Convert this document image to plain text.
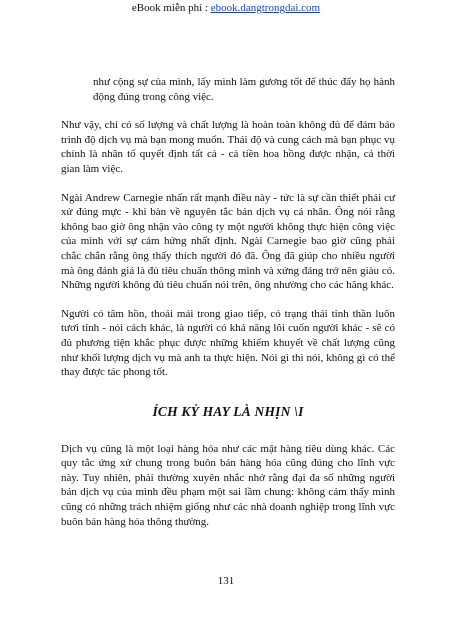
eBook miễn phí : ebook.dangtrongdai.com

như cộng sự của mình, lấy mình làm gương tốt để thúc đẩy họ hành động đúng trong công việc.

Như vậy, chỉ có số lượng và chất lượng là hoàn toàn không đủ để đảm bảo trình độ dịch vụ mà bạn mong muốn. Thái độ và cung cách mà bạn phục vụ chính là nhân tố quyết định tất cả - cả tiền hoa hồng được nhận, cả thời gian làm việc.

Ngài Andrew Carnegie nhấn rất mạnh điều này - tức là sự cần thiết phải cư xử đúng mực - khi bàn về nguyên tắc bán dịch vụ cá nhân. Ông nói rằng không bao giờ ông nhận vào công ty một người không thực hiện công việc của mình với sự cảm hứng nhất định. Ngài Carnegie bao giờ cũng phải chắc chắn rằng ông thấy thích người đó đã. Ông đã giúp cho nhiều người mà ông đánh giá là đủ tiêu chuẩn thông minh và xứng đáng trở nên giàu có. Những người không đủ tiêu chuẩn nói trên, ông nhường cho các hãng khác.

Người có tâm hồn, thoải mái trong giao tiếp, có trạng thái tinh thần luôn tươi tỉnh - nói cách khác, là người có khả năng lôi cuốn người khác - sẽ có đủ phương tiện khắc phục được những khiếm khuyết về chất lượng cũng như khối lượng dịch vụ mà anh ta thực hiện. Nói gì thì nói, không gì có thể thay được tác phong tốt.

ÍCH KỶ HAY LÀ NHỊN \I

Dịch vụ cũng là một loại hàng hóa như các mặt hàng tiêu dùng khác. Các quy tắc ứng xử chung trong buôn bán hàng hóa cũng đúng cho lĩnh vực này. Tuy nhiên, phải thường xuyên nhắc nhở rằng đại đa số những người bán dịch vụ của mình đều phạm một sai lầm chung: không cảm thấy mình cũng có những trách nhiệm giống như các nhà doanh nghiệp trong lĩnh vực buôn bán hàng hóa thông thường.

131
